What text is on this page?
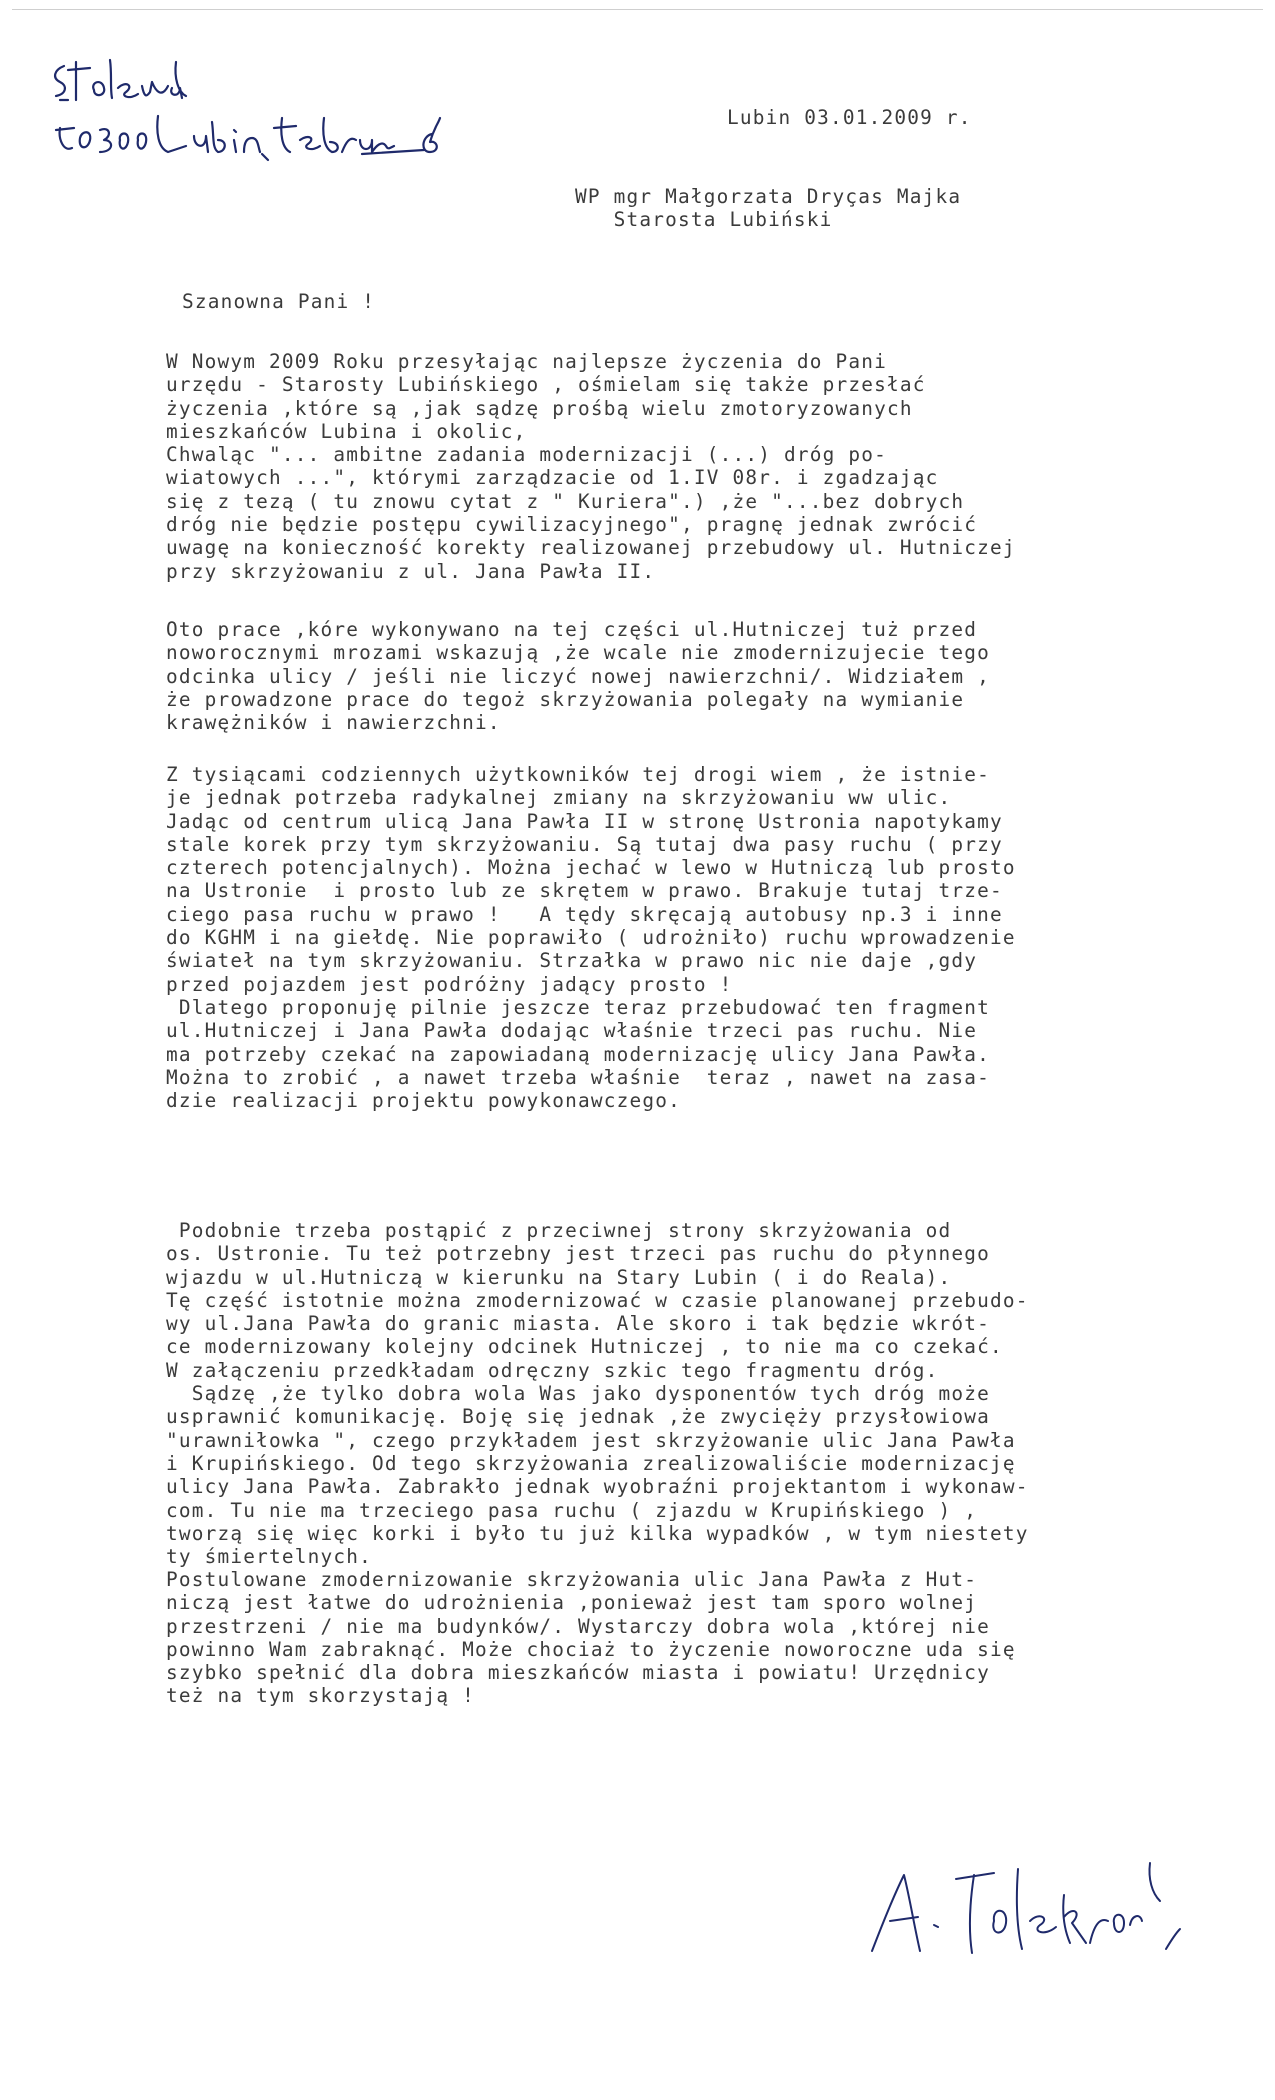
Lubin 03.01.2009 r.
WP mgr Małgorzata Dryças Majka
Starosta Lubiński
Szanowna Pani !
W Nowym 2009 Roku przesyłając najlepsze życzenia do Pani
urzędu - Starosty Lubińskiego , ośmielam się także przesłać
życzenia ,które są ,jak sądzę prośbą wielu zmotoryzowanych
mieszkańców Lubina i okolic,
Chwaląc "... ambitne zadania modernizacji (...) dróg po-
wiatowych ...", którymi zarządzacie od 1.IV 08r. i zgadzając
się z tezą ( tu znowu cytat z " Kuriera".) ,że "...bez dobrych
dróg nie będzie postępu cywilizacyjnego", pragnę jednak zwrócić
uwagę na konieczność korekty realizowanej przebudowy ul. Hutniczej
przy skrzyżowaniu z ul. Jana Pawła II.
Oto prace ,kóre wykonywano na tej części ul.Hutniczej tuż przed
noworocznymi mrozami wskazują ,że wcale nie zmodernizujecie tego
odcinka ulicy / jeśli nie liczyć nowej nawierzchni/. Widziałem ,
że prowadzone prace do tegoż skrzyżowania polegały na wymianie
krawężników i nawierzchni.
Z tysiącami codziennych użytkowników tej drogi wiem , że istnie-
je jednak potrzeba radykalnej zmiany na skrzyżowaniu ww ulic.
Jadąc od centrum ulicą Jana Pawła II w stronę Ustronia napotykamy
stale korek przy tym skrzyżowaniu. Są tutaj dwa pasy ruchu ( przy
czterech potencjalnych). Można jechać w lewo w Hutniczą lub prosto
na Ustronie  i prosto lub ze skrętem w prawo. Brakuje tutaj trze-
ciego pasa ruchu w prawo !   A tędy skręcają autobusy np.3 i inne
do KGHM i na giełdę. Nie poprawiło ( udrożniło) ruchu wprowadzenie
świateł na tym skrzyżowaniu. Strzałka w prawo nic nie daje ,gdy
przed pojazdem jest podróżny jadący prosto !
Dlatego proponuję pilnie jeszcze teraz przebudować ten fragment
ul.Hutniczej i Jana Pawła dodając właśnie trzeci pas ruchu. Nie
ma potrzeby czekać na zapowiadaną modernizację ulicy Jana Pawła.
Można to zrobić , a nawet trzeba właśnie  teraz , nawet na zasa-
dzie realizacji projektu powykonawczego.
Podobnie trzeba postąpić z przeciwnej strony skrzyżowania od
os. Ustronie. Tu też potrzebny jest trzeci pas ruchu do płynnego
wjazdu w ul.Hutniczą w kierunku na Stary Lubin ( i do Reala).
Tę część istotnie można zmodernizować w czasie planowanej przebudo-
wy ul.Jana Pawła do granic miasta. Ale skoro i tak będzie wkrót-
ce modernizowany kolejny odcinek Hutniczej , to nie ma co czekać.
W załączeniu przedkładam odręczny szkic tego fragmentu dróg.
Sądzę ,że tylko dobra wola Was jako dysponentów tych dróg może
usprawnić komunikację. Boję się jednak ,że zwycięży przysłowiowa
"urawniłowka ", czego przykładem jest skrzyżowanie ulic Jana Pawła
i Krupińskiego. Od tego skrzyżowania zrealizowaliście modernizację
ulicy Jana Pawła. Zabrakło jednak wyobraźni projektantom i wykonaw-
com. Tu nie ma trzeciego pasa ruchu ( zjazdu w Krupińskiego ) ,
tworzą się więc korki i było tu już kilka wypadków , w tym niestety
ty śmiertelnych.
Postulowane zmodernizowanie skrzyżowania ulic Jana Pawła z Hut-
niczą jest łatwe do udrożnienia ,ponieważ jest tam sporo wolnej
przestrzeni / nie ma budynków/. Wystarczy dobra wola ,której nie
powinno Wam zabraknąć. Może chociaż to życzenie noworoczne uda się
szybko spełnić dla dobra mieszkańców miasta i powiatu! Urzędnicy
też na tym skorzystają !
